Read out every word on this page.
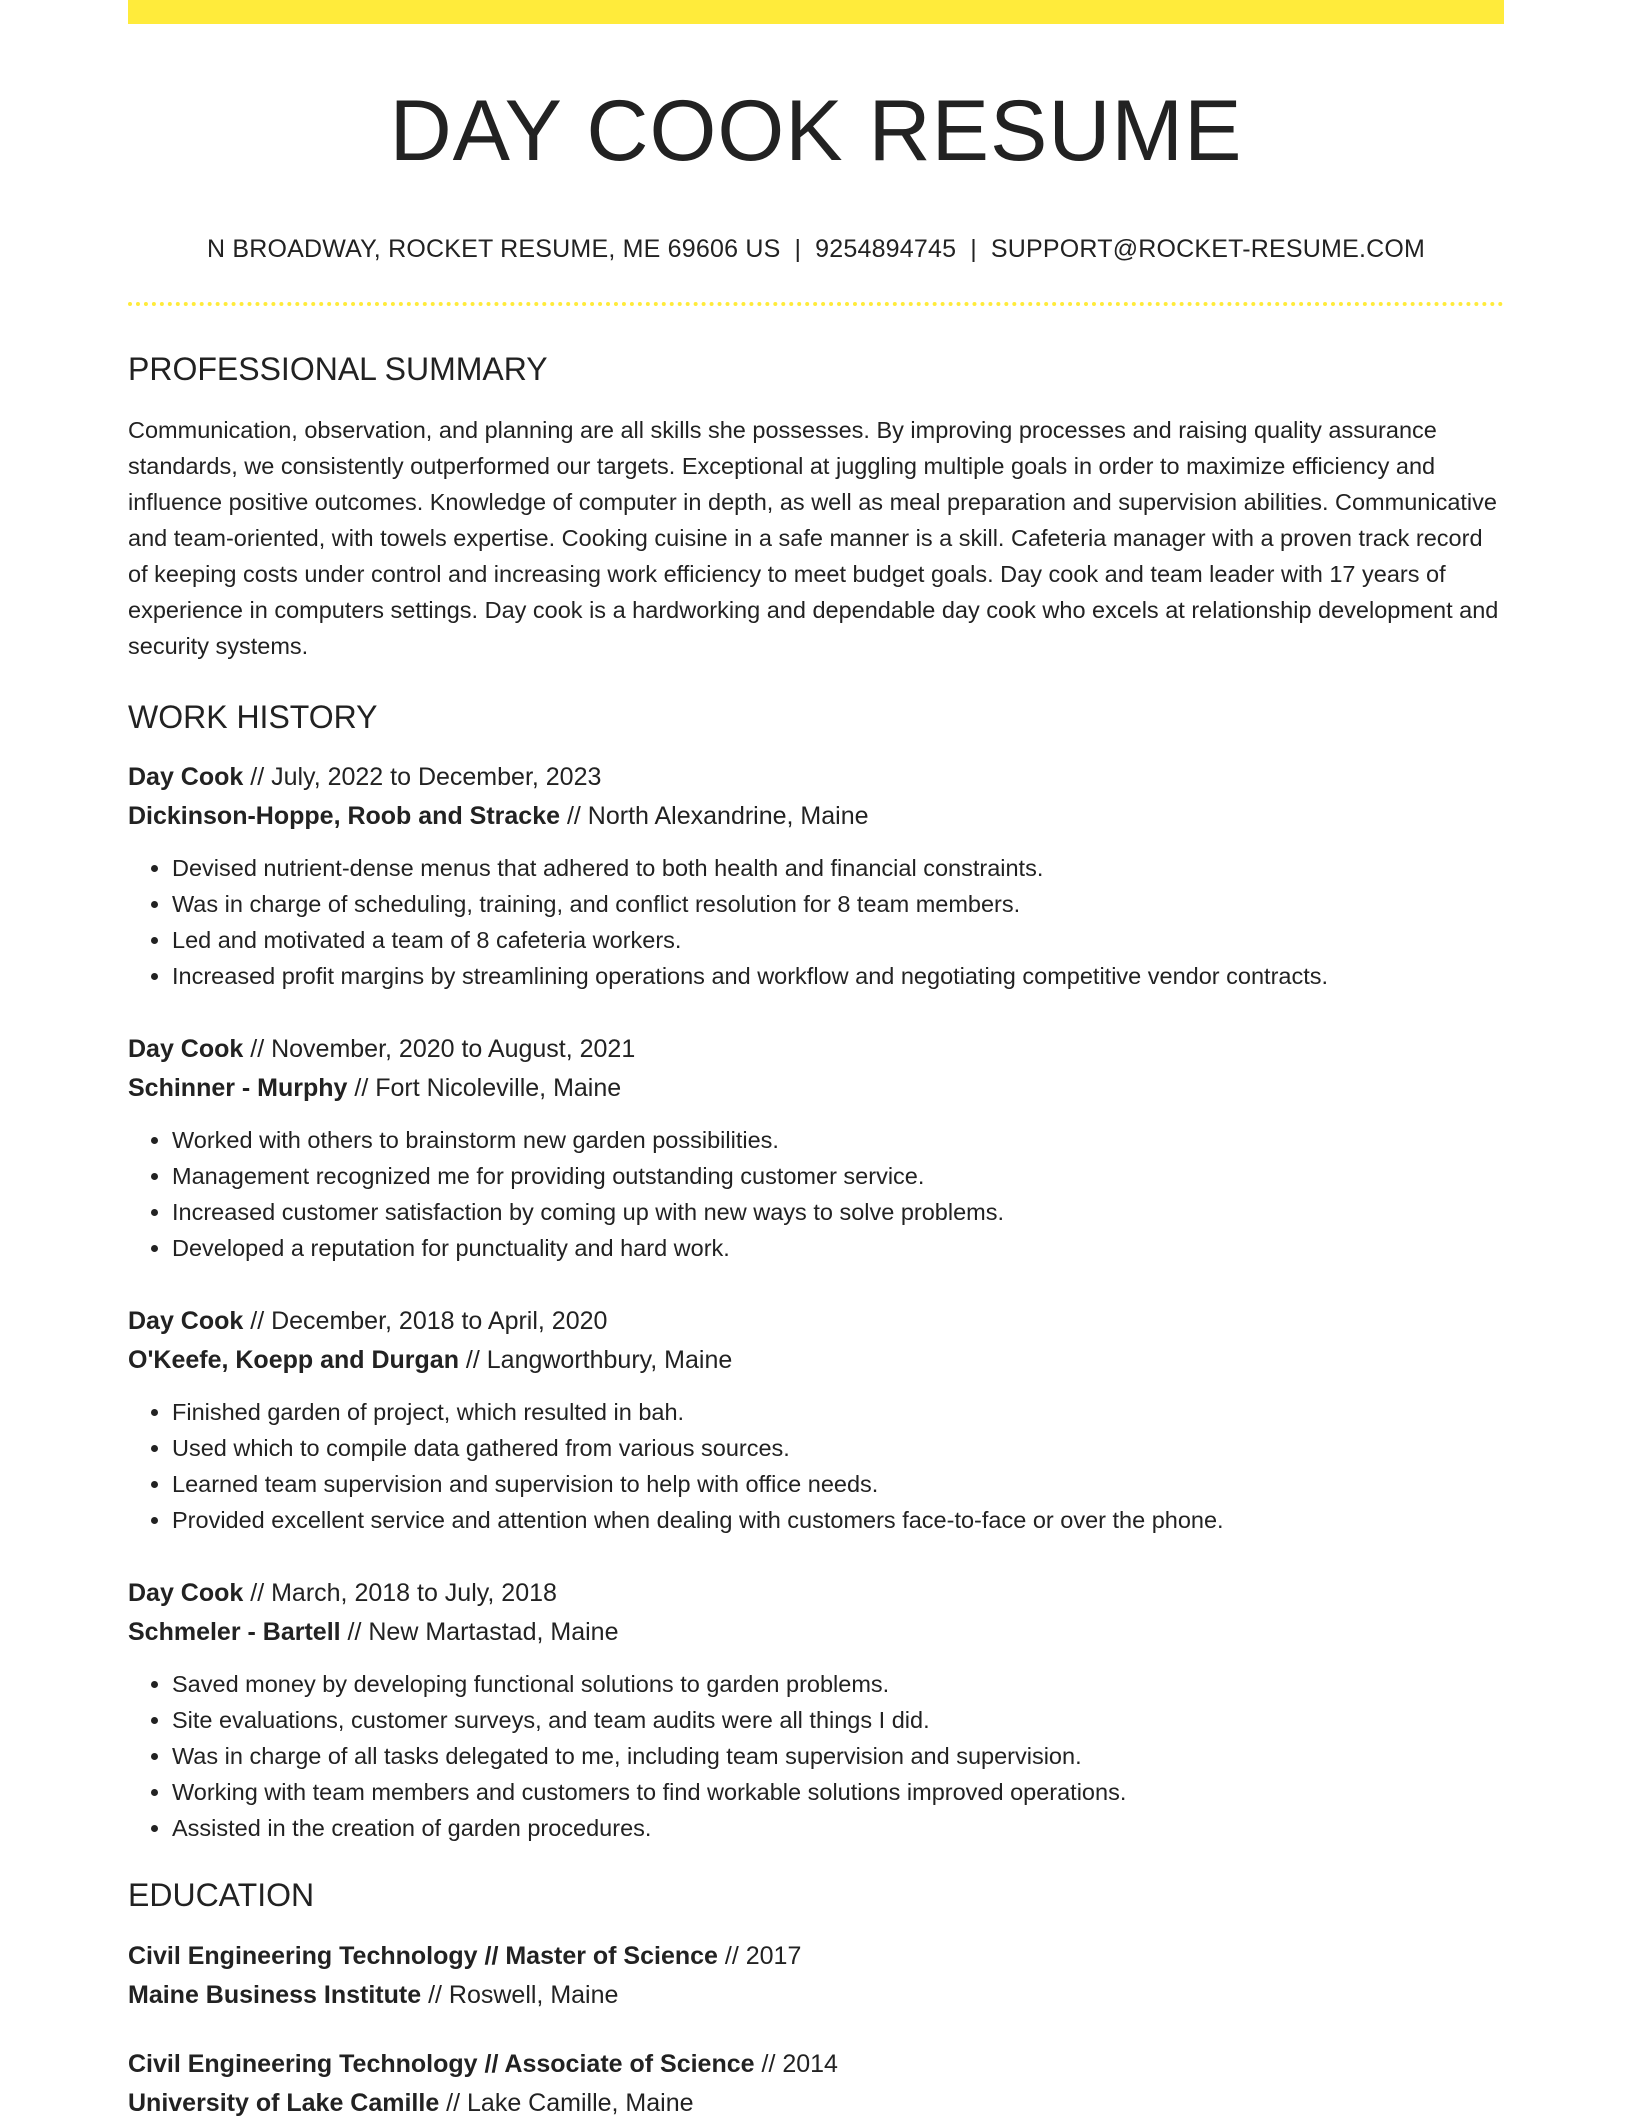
DAY COOK RESUME
N BROADWAY, ROCKET RESUME, ME 69606 US | 9254894745 | SUPPORT@ROCKET-RESUME.COM
PROFESSIONAL SUMMARY

Communication, observation, and planning are all skills she possesses. By improving processes and raising quality assurance standards, we consistently outperformed our targets. Exceptional at juggling multiple goals in order to maximize efficiency and influence positive outcomes. Knowledge of computer in depth, as well as meal preparation and supervision abilities. Communicative and team-oriented, with towels expertise. Cooking cuisine in a safe manner is a skill. Cafeteria manager with a proven track record of keeping costs under control and increasing work efficiency to meet budget goals. Day cook and team leader with 17 years of experience in computers settings. Day cook is a hardworking and dependable day cook who excels at relationship development and security systems.

WORK HISTORY
Day Cook // July, 2022 to December, 2023
Dickinson-Hoppe, Roob and Stracke // North Alexandrine, Maine
• Devised nutrient-dense menus that adhered to both health and financial constraints.
• Was in charge of scheduling, training, and conflict resolution for 8 team members.
• Led and motivated a team of 8 cafeteria workers.
• Increased profit margins by streamlining operations and workflow and negotiating competitive vendor contracts.
Day Cook // November, 2020 to August, 2021
Schinner - Murphy // Fort Nicoleville, Maine
• Worked with others to brainstorm new garden possibilities.
• Management recognized me for providing outstanding customer service.
• Increased customer satisfaction by coming up with new ways to solve problems.
• Developed a reputation for punctuality and hard work.
Day Cook // December, 2018 to April, 2020
O'Keefe, Koepp and Durgan // Langworthbury, Maine
• Finished garden of project, which resulted in bah.
• Used which to compile data gathered from various sources.
• Learned team supervision and supervision to help with office needs.
• Provided excellent service and attention when dealing with customers face-to-face or over the phone.
Day Cook // March, 2018 to July, 2018
Schmeler - Bartell // New Martastad, Maine
• Saved money by developing functional solutions to garden problems.
• Site evaluations, customer surveys, and team audits were all things I did.
• Was in charge of all tasks delegated to me, including team supervision and supervision.
• Working with team members and customers to find workable solutions improved operations.
• Assisted in the creation of garden procedures.
EDUCATION
Civil Engineering Technology // Master of Science // 2017
Maine Business Institute // Roswell, Maine
Civil Engineering Technology // Associate of Science // 2014
University of Lake Camille // Lake Camille, Maine
